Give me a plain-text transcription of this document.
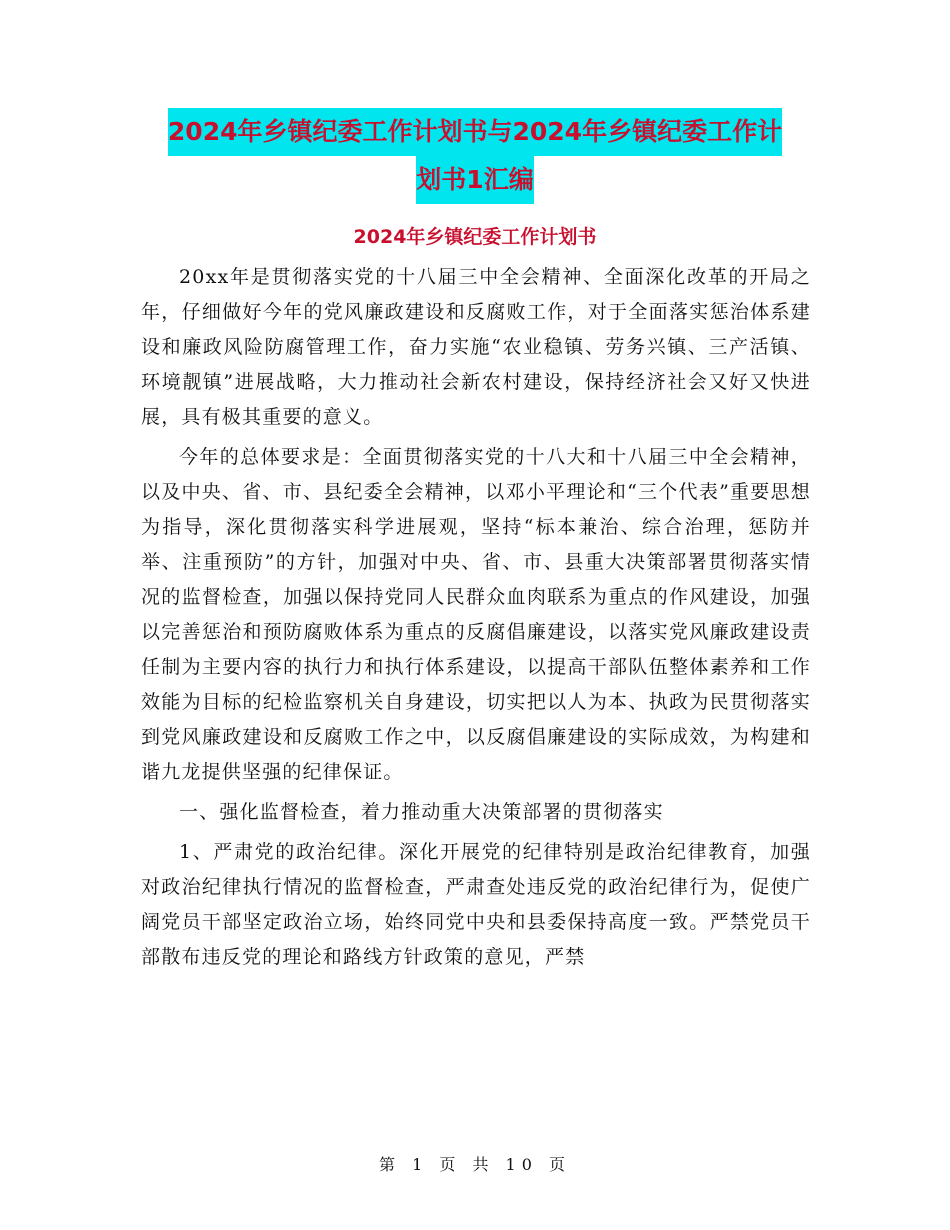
2024年乡镇纪委工作计划书与2024年乡镇纪委工作计
划书1汇编
2024年乡镇纪委工作计划书

20xx年是贯彻落实党的十八届三中全会精神、全面深化改革的开局之年，仔细做好今年的党风廉政建设和反腐败工作，对于全面落实惩治体系建设和廉政风险防腐管理工作，奋力实施“农业稳镇、劳务兴镇、三产活镇、环境靓镇”进展战略，大力推动社会新农村建设，保持经济社会又好又快进展，具有极其重要的意义。

今年的总体要求是：全面贯彻落实党的十八大和十八届三中全会精神，以及中央、省、市、县纪委全会精神，以邓小平理论和“三个代表”重要思想为指导，深化贯彻落实科学进展观，坚持“标本兼治、综合治理，惩防并举、注重预防”的方针，加强对中央、省、市、县重大决策部署贯彻落实情况的监督检查，加强以保持党同人民群众血肉联系为重点的作风建设，加强以完善惩治和预防腐败体系为重点的反腐倡廉建设，以落实党风廉政建设责任制为主要内容的执行力和执行体系建设，以提高干部队伍整体素养和工作效能为目标的纪检监察机关自身建设，切实把以人为本、执政为民贯彻落实到党风廉政建设和反腐败工作之中，以反腐倡廉建设的实际成效，为构建和谐九龙提供坚强的纪律保证。

一、强化监督检查，着力推动重大决策部署的贯彻落实

1、严肃党的政治纪律。深化开展党的纪律特别是政治纪律教育，加强对政治纪律执行情况的监督检查，严肃查处违反党的政治纪律行为，促使广阔党员干部坚定政治立场，始终同党中央和县委保持高度一致。严禁党员干部散布违反党的理论和路线方针政策的意见，严禁

第 1 页 共 10 页
